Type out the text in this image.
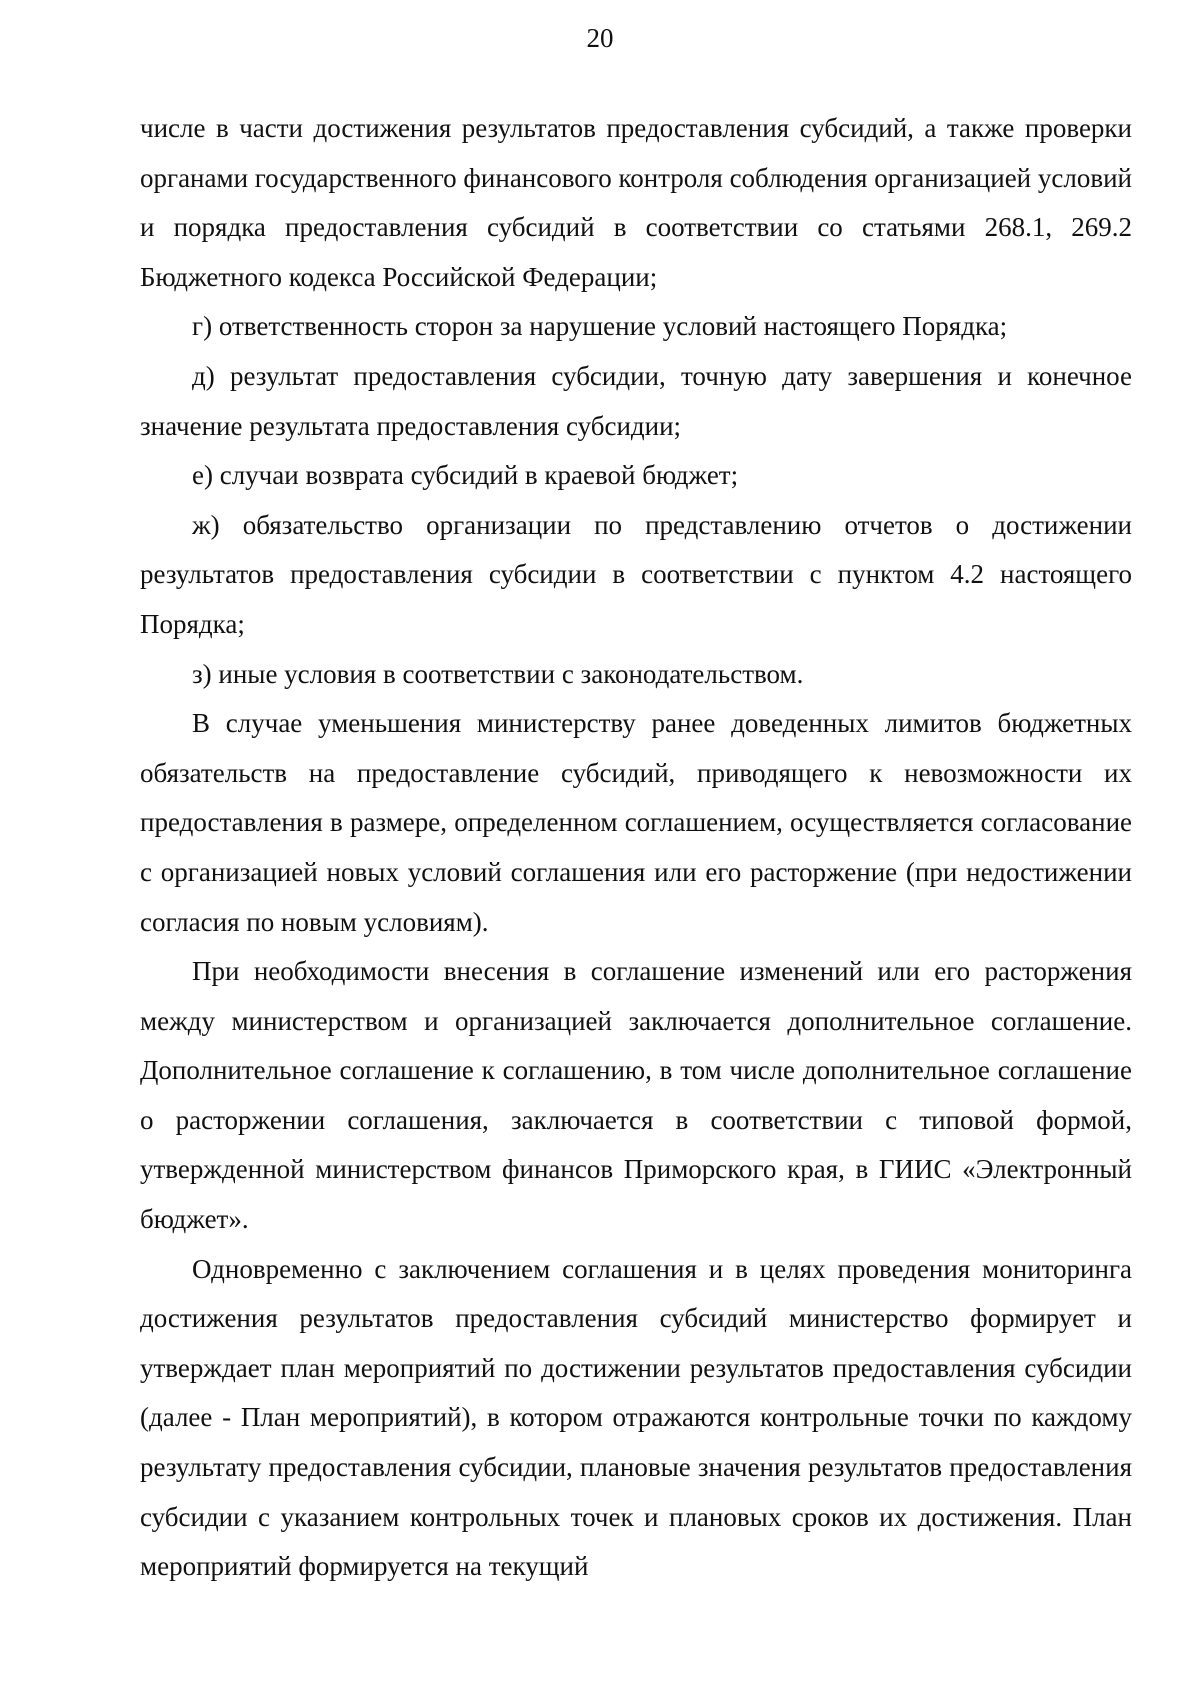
20

числе в части достижения результатов предоставления субсидий, а также проверки органами государственного финансового контроля соблюдения организацией условий и порядка предоставления субсидий в соответствии со статьями 268.1, 269.2 Бюджетного кодекса Российской Федерации;

г) ответственность сторон за нарушение условий настоящего Порядка;

д) результат предоставления субсидии, точную дату завершения и конечное значение результата предоставления субсидии;

е) случаи возврата субсидий в краевой бюджет;

ж) обязательство организации по представлению отчетов о достижении результатов предоставления субсидии в соответствии с пунктом 4.2 настоящего Порядка;

з) иные условия в соответствии с законодательством.

В случае уменьшения министерству ранее доведенных лимитов бюджетных обязательств на предоставление субсидий, приводящего к невозможности их предоставления в размере, определенном соглашением, осуществляется согласование с организацией новых условий соглашения или его расторжение (при недостижении согласия по новым условиям).

При необходимости внесения в соглашение изменений или его расторжения между министерством и организацией заключается дополнительное соглашение. Дополнительное соглашение к соглашению, в том числе дополнительное соглашение о расторжении соглашения, заключается в соответствии с типовой формой, утвержденной министерством финансов Приморского края, в ГИИС «Электронный бюджет».

Одновременно с заключением соглашения и в целях проведения мониторинга достижения результатов предоставления субсидий министерство формирует и утверждает план мероприятий по достижении результатов предоставления субсидии (далее - План мероприятий), в котором отражаются контрольные точки по каждому результату предоставления субсидии, плановые значения результатов предоставления субсидии с указанием контрольных точек и плановых сроков их достижения. План мероприятий формируется на текущий
